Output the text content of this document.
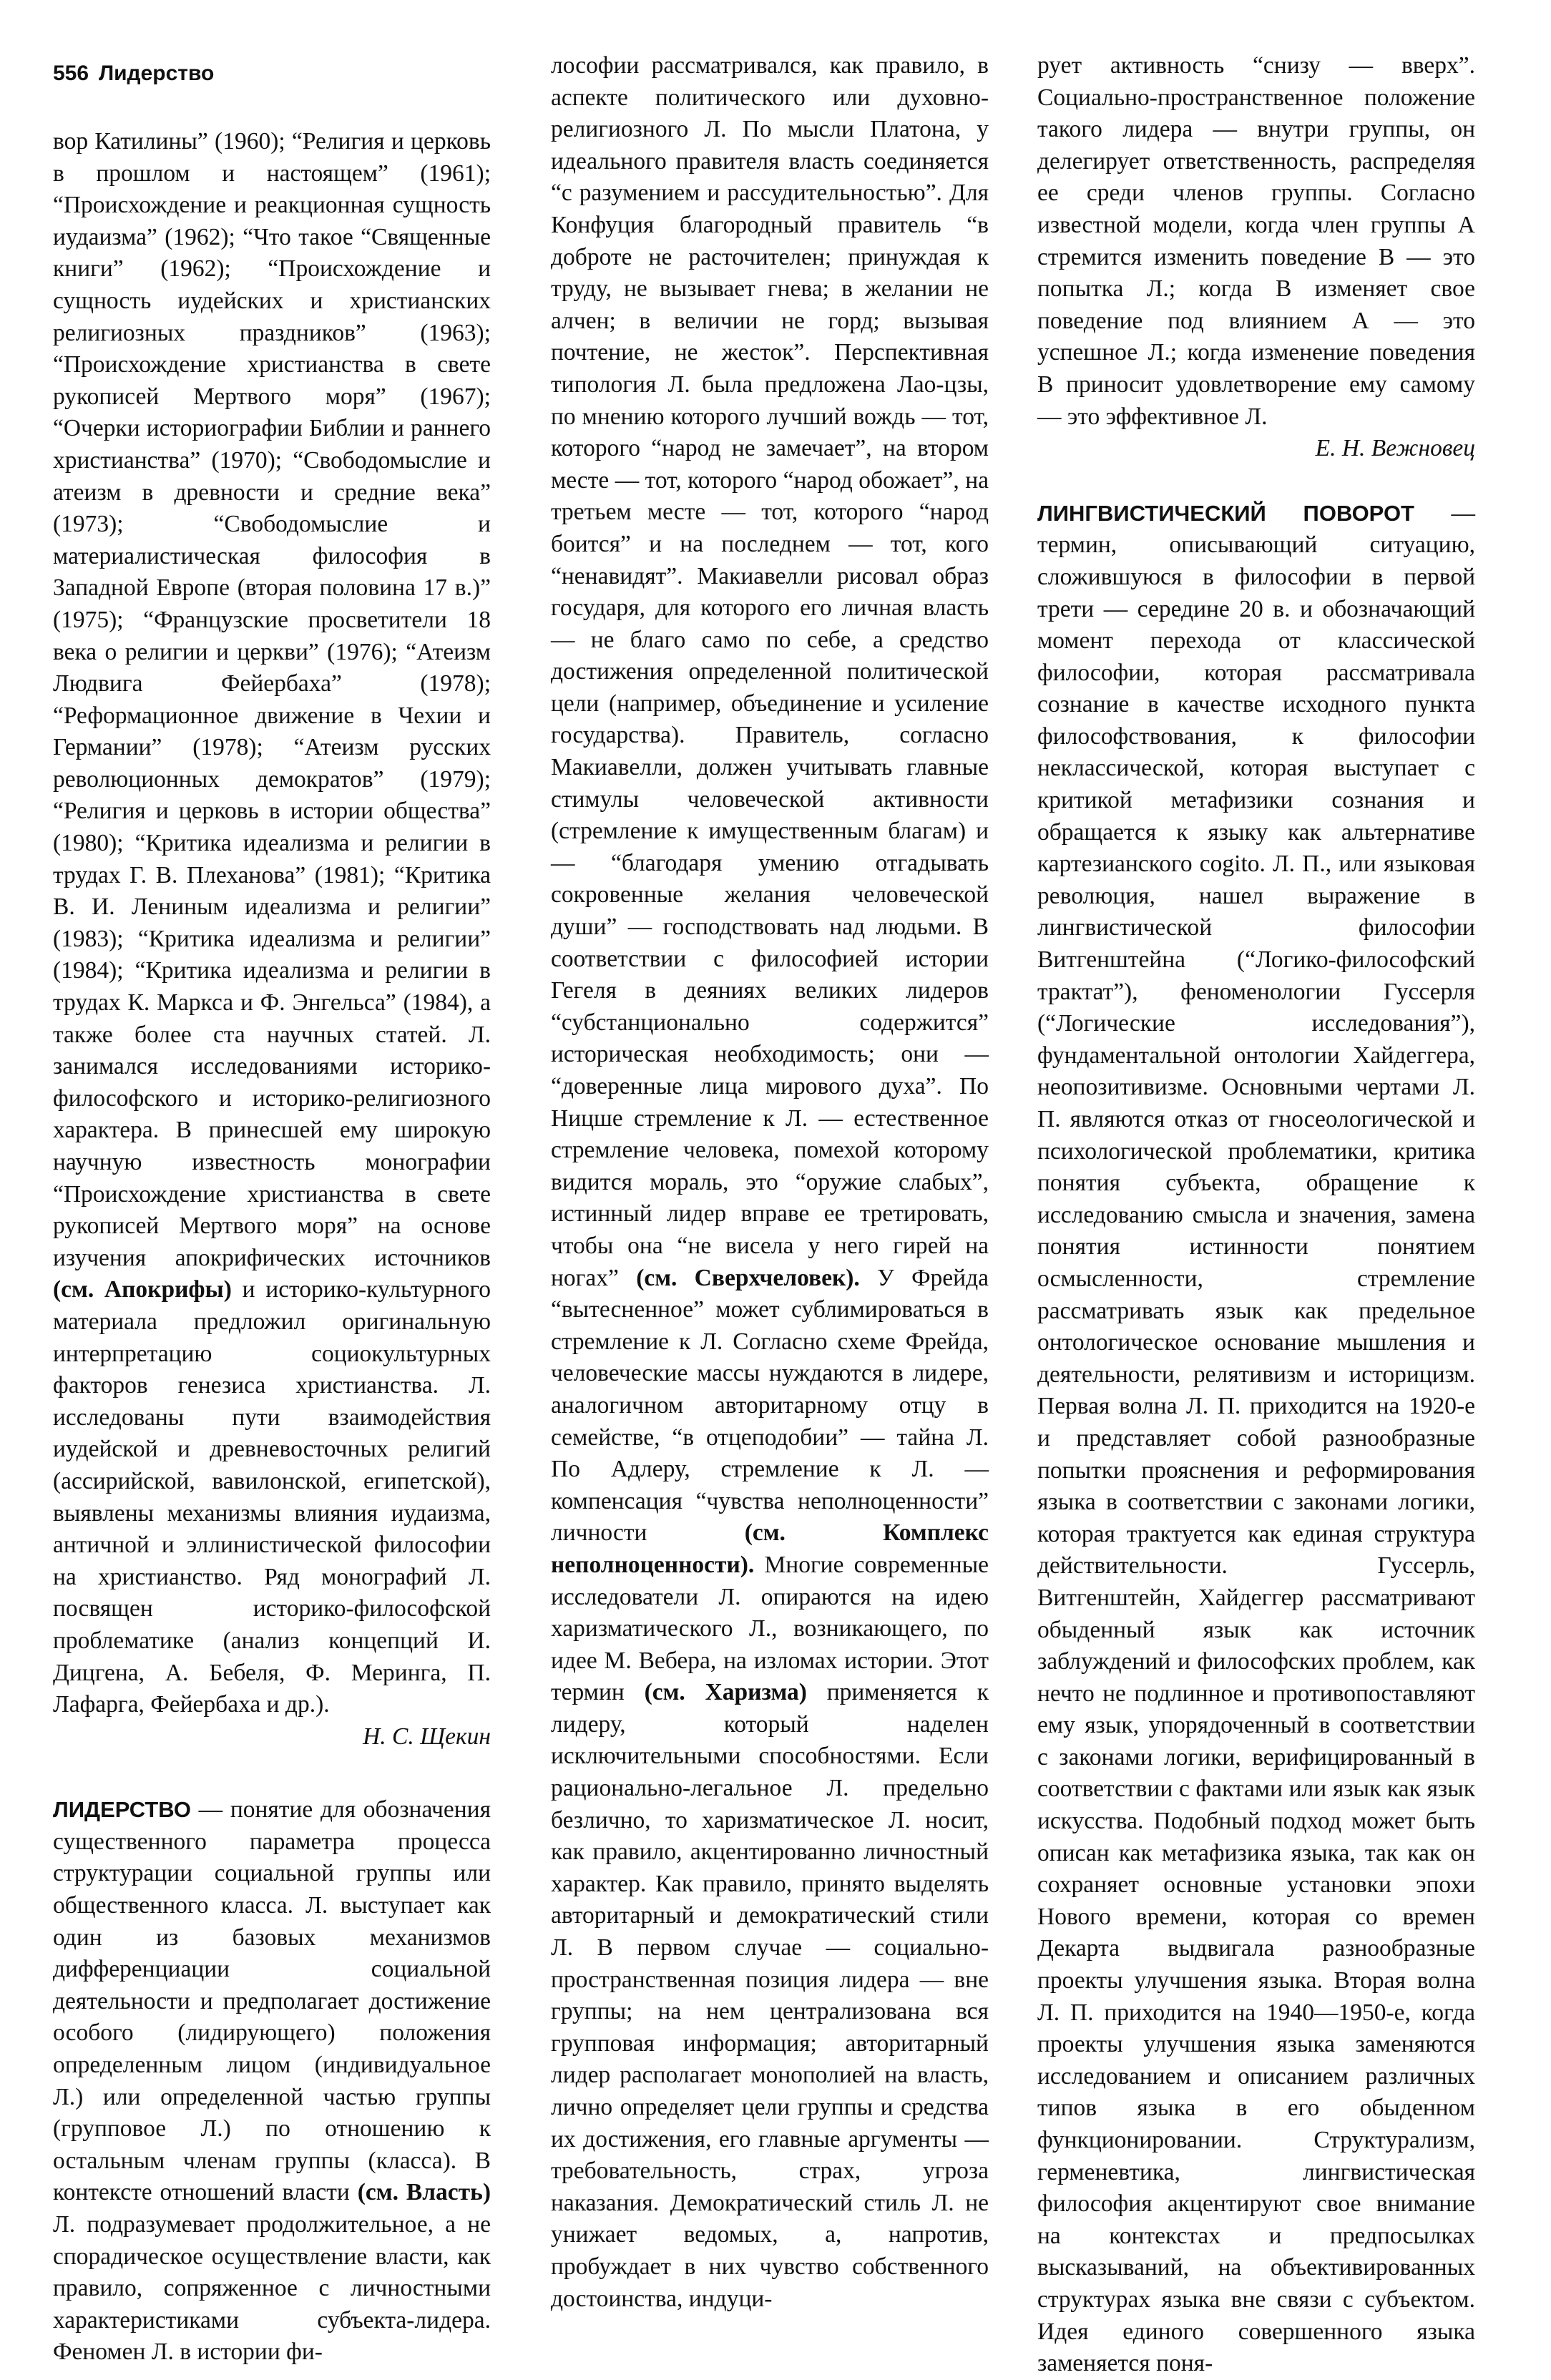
556 Лидерство

вор Катилины” (1960); “Религия и церковь в прошлом и настоящем” (1961); “Происхождение и реакционная сущность иудаизма” (1962); “Что такое “Священные книги” (1962); “Происхождение и сущность иудейских и христианских религиозных праздников” (1963); “Происхождение христианства в свете рукописей Мертвого моря” (1967); “Очерки историографии Библии и раннего христианства” (1970); “Свободомыслие и атеизм в древности и средние века” (1973); “Свободомыслие и материалистическая философия в Западной Европе (вторая половина 17 в.)” (1975); “Французские просветители 18 века о религии и церкви” (1976); “Атеизм Людвига Фейербаха” (1978); “Реформационное движение в Чехии и Германии” (1978); “Атеизм русских революционных демократов” (1979); “Религия и церковь в истории общества” (1980); “Критика идеализма и религии в трудах Г. В. Плеханова” (1981); “Критика В. И. Лениным идеализма и религии” (1983); “Критика идеализма и религии” (1984); “Критика идеализма и религии в трудах К. Маркса и Ф. Энгельса” (1984), а также более ста научных статей. Л. занимался исследованиями историко-философского и историко-религиозного характера. В принесшей ему широкую научную известность монографии “Происхождение христианства в свете рукописей Мертвого моря” на основе изучения апокрифических источников (см. Апокрифы) и историко-культурного материала предложил оригинальную интерпретацию социокультурных факторов генезиса христианства. Л. исследованы пути взаимодействия иудейской и древневосточных религий (ассирийской, вавилонской, египетской), выявлены механизмы влияния иудаизма, античной и эллинистической философии на христианство. Ряд монографий Л. посвящен историко-философской проблематике (анализ концепций И. Дицгена, А. Бебеля, Ф. Меринга, П. Лафарга, Фейербаха и др.).

Н. С. Щекин

ЛИДЕРСТВО — понятие для обозначения существенного параметра процесса структурации социальной группы или общественного класса. Л. выступает как один из базовых механизмов дифференциации социальной деятельности и предполагает достижение особого (лидирующего) положения определенным лицом (индивидуальное Л.) или определенной частью группы (групповое Л.) по отношению к остальным членам группы (класса). В контексте отношений власти (см. Власть) Л. подразумевает продолжительное, а не спорадическое осуществление власти, как правило, сопряженное с личностными характеристиками субъекта-лидера. Феномен Л. в истории фи-

лософии рассматривался, как правило, в аспекте политического или духовно-религиозного Л. По мысли Платона, у идеального правителя власть соединяется “с разумением и рассудительностью”. Для Конфуция благородный правитель “в доброте не расточителен; принуждая к труду, не вызывает гнева; в желании не алчен; в величии не горд; вызывая почтение, не жесток”. Перспективная типология Л. была предложена Лао-цзы, по мнению которого лучший вождь — тот, которого “народ не замечает”, на втором месте — тот, которого “народ обожает”, на третьем месте — тот, которого “народ боится” и на последнем — тот, кого “ненавидят”. Макиавелли рисовал образ государя, для которого его личная власть — не благо само по себе, а средство достижения определенной политической цели (например, объединение и усиление государства). Правитель, согласно Макиавелли, должен учитывать главные стимулы человеческой активности (стремление к имущественным благам) и — “благодаря умению отгадывать сокровенные желания человеческой души” — господствовать над людьми. В соответствии с философией истории Гегеля в деяниях великих лидеров “субстанционально содержится” историческая необходимость; они — “доверенные лица мирового духа”. По Ницше стремление к Л. — естественное стремление человека, помехой которому видится мораль, это “оружие слабых”, истинный лидер вправе ее третировать, чтобы она “не висела у него гирей на ногах” (см. Сверхчеловек). У Фрейда “вытесненное” может сублимироваться в стремление к Л. Согласно схеме Фрейда, человеческие массы нуждаются в лидере, аналогичном авторитарному отцу в семействе, “в отцеподобии” — тайна Л. По Адлеру, стремление к Л. — компенсация “чувства неполноценности” личности (см. Комплекс неполноценности). Многие современные исследователи Л. опираются на идею харизматического Л., возникающего, по идее М. Вебера, на изломах истории. Этот термин (см. Харизма) применяется к лидеру, который наделен исключительными способностями. Если рационально-легальное Л. предельно безлично, то харизматическое Л. носит, как правило, акцентированно личностный характер. Как правило, принято выделять авторитарный и демократический стили Л. В первом случае — социально-пространственная позиция лидера — вне группы; на нем централизована вся групповая информация; авторитарный лидер располагает монополией на власть, лично определяет цели группы и средства их достижения, его главные аргументы — требовательность, страх, угроза наказания. Демократический стиль Л. не унижает ведомых, а, напротив, пробуждает в них чувство собственного достоинства, индуци-

рует активность “снизу — вверх”. Социально-пространственное положение такого лидера — внутри группы, он делегирует ответственность, распределяя ее среди членов группы. Согласно известной модели, когда член группы А стремится изменить поведение В — это попытка Л.; когда В изменяет свое поведение под влиянием А — это успешное Л.; когда изменение поведения В приносит удовлетворение ему самому — это эффективное Л.

Е. Н. Вежновец

ЛИНГВИСТИЧЕСКИЙ ПОВОРОТ — термин, описывающий ситуацию, сложившуюся в философии в первой трети — середине 20 в. и обозначающий момент перехода от классической философии, которая рассматривала сознание в качестве исходного пункта философствования, к философии неклассической, которая выступает с критикой метафизики сознания и обращается к языку как альтернативе картезианского cogito. Л. П., или языковая революция, нашел выражение в лингвистической философии Витгенштейна (“Логико-философский трактат”), феноменологии Гуссерля (“Логические исследования”), фундаментальной онтологии Хайдеггера, неопозитивизме. Основными чертами Л. П. являются отказ от гносеологической и психологической проблематики, критика понятия субъекта, обращение к исследованию смысла и значения, замена понятия истинности понятием осмысленности, стремление рассматривать язык как предельное онтологическое основание мышления и деятельности, релятивизм и историцизм. Первая волна Л. П. приходится на 1920-е и представляет собой разнообразные попытки прояснения и реформирования языка в соответствии с законами логики, которая трактуется как единая структура действительности. Гуссерль, Витгенштейн, Хайдеггер рассматривают обыденный язык как источник заблуждений и философских проблем, как нечто не подлинное и противопоставляют ему язык, упорядоченный в соответствии с законами логики, верифицированный в соответствии с фактами или язык как язык искусства. Подобный подход может быть описан как метафизика языка, так как он сохраняет основные установки эпохи Нового времени, которая со времен Декарта выдвигала разнообразные проекты улучшения языка. Вторая волна Л. П. приходится на 1940—1950-е, когда проекты улучшения языка заменяются исследованием и описанием различных типов языка в его обыденном функционировании. Структурализм, герменевтика, лингвистическая философия акцентируют свое внимание на контекстах и предпосылках высказываний, на объективированных структурах языка вне связи с субъектом. Идея единого совершенного языка заменяется поня-
